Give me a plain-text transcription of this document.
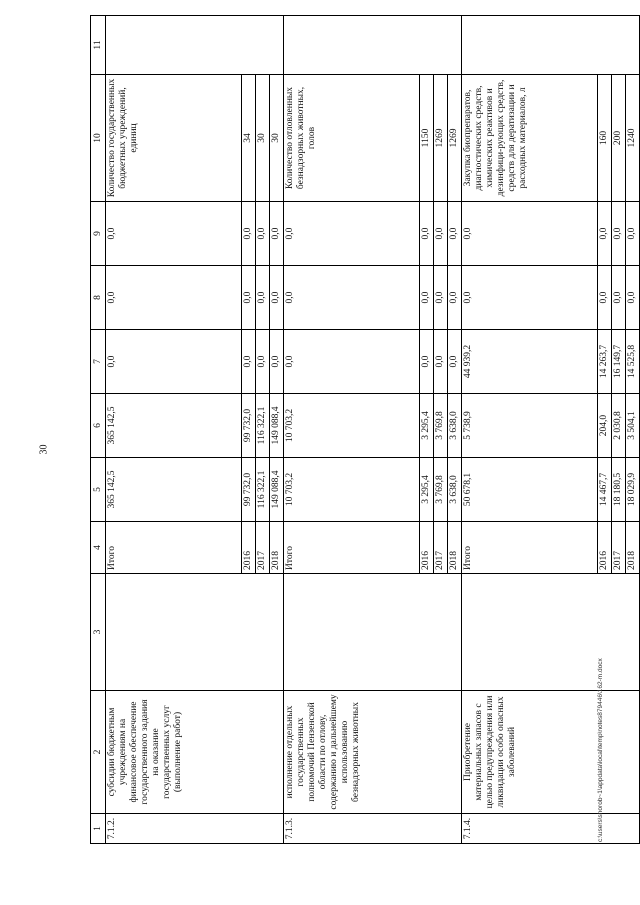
30
1	2	3	4	5	6	7	8	9	10	11
7.1.2.	субсидии бюджетным учреждениям на финансовое обеспечение государственного задания на оказание государственных услуг (выполнение работ)		Итого	365 142,5	365 142,5	0,0	0,0	0,0	Количество государственных бюджетных учреждений, единиц	
			2016	99 732,0	99 732,0	0,0	0,0	0,0	34	
			2017	116 322,1	116 322,1	0,0	0,0	0,0	30	
			2018	149 088,4	149 088,4	0,0	0,0	0,0	30	
7.1.3.	исполнение отдельных государственных полномочий Пензенской области по отлову, содержанию и дальнейшему использованию безнадзорных животных		Итого	10 703,2	10 703,2	0,0	0,0	0,0	Количество отловленных безнадзорных животных, голов	
			2016	3 295,4	3 295,4	0,0	0,0	0,0	1150	
			2017	3 769,8	3 769,8	0,0	0,0	0,0	1269	
			2018	3 638,0	3 638,0	0,0	0,0	0,0	1269	
7.1.4.	Приобретение материальных запасов с целью предупреждения или ликвидации особо опасных заболеваний		Итого	50 678,1	5 738,9	44 939,2	0,0	0,0	Закупка биопрепаратов, диагностических средств, химических реактивов и дезинфици-рующих средств, средств для дератизации и расходных материалов, л	
			2016	14 467,7	204,0	14 263,7	0,0	0,0	160	
			2017	18 180,5	2 030,8	16 149,7	0,0	0,0	200	
			2018	18 029,9	3 504,1	14 525,8	0,0	0,0	1240	
c:\users\shorob~1\appdata\local\temp\notes879446\162-m.docx
